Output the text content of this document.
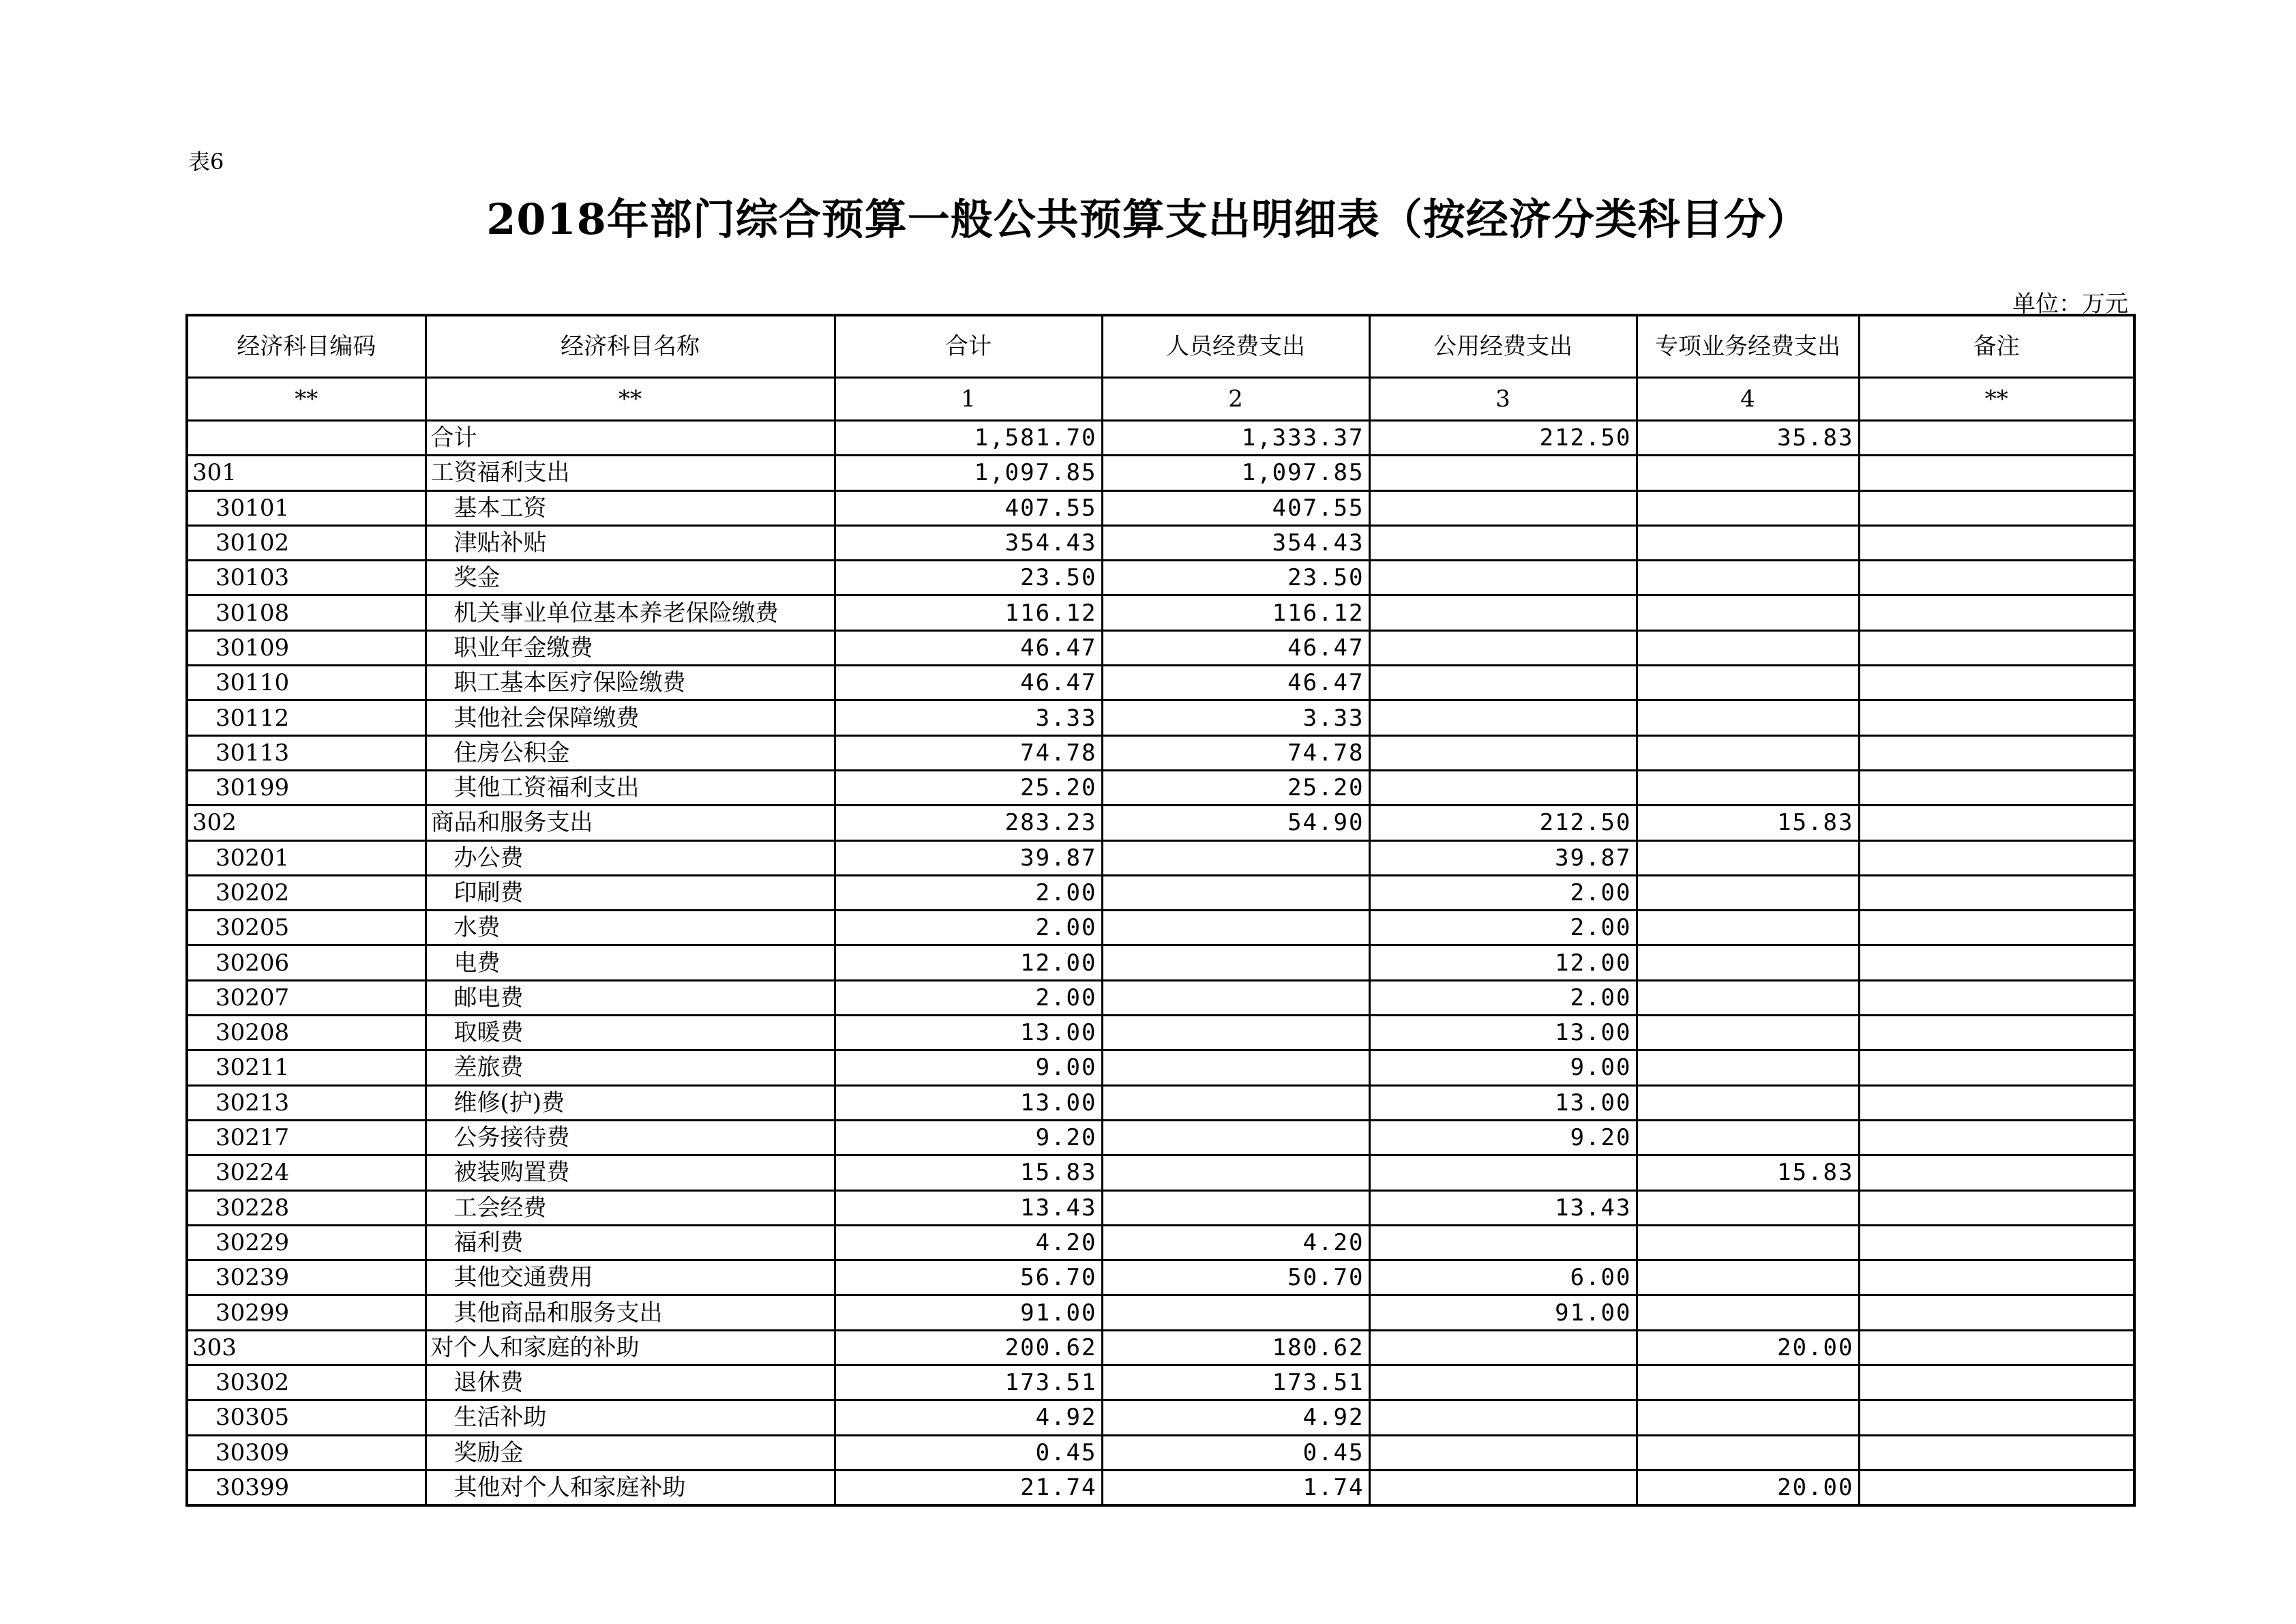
表6
2018年部门综合预算一般公共预算支出明细表（按经济分类科目分）
单位：万元
经济科目编码	经济科目名称	合计	人员经费支出	公用经费支出	专项业务经费支出	备注
**	**	1	2	3	4	**
	合计	1,581.70	1,333.37	212.50	35.83	
301	工资福利支出	1,097.85	1,097.85			
30101	基本工资	407.55	407.55			
30102	津贴补贴	354.43	354.43			
30103	奖金	23.50	23.50			
30108	机关事业单位基本养老保险缴费	116.12	116.12			
30109	职业年金缴费	46.47	46.47			
30110	职工基本医疗保险缴费	46.47	46.47			
30112	其他社会保障缴费	3.33	3.33			
30113	住房公积金	74.78	74.78			
30199	其他工资福利支出	25.20	25.20			
302	商品和服务支出	283.23	54.90	212.50	15.83	
30201	办公费	39.87		39.87		
30202	印刷费	2.00		2.00		
30205	水费	2.00		2.00		
30206	电费	12.00		12.00		
30207	邮电费	2.00		2.00		
30208	取暖费	13.00		13.00		
30211	差旅费	9.00		9.00		
30213	维修(护)费	13.00		13.00		
30217	公务接待费	9.20		9.20		
30224	被装购置费	15.83			15.83	
30228	工会经费	13.43		13.43		
30229	福利费	4.20	4.20			
30239	其他交通费用	56.70	50.70	6.00		
30299	其他商品和服务支出	91.00		91.00		
303	对个人和家庭的补助	200.62	180.62		20.00	
30302	退休费	173.51	173.51			
30305	生活补助	4.92	4.92			
30309	奖励金	0.45	0.45			
30399	其他对个人和家庭补助	21.74	1.74		20.00	
